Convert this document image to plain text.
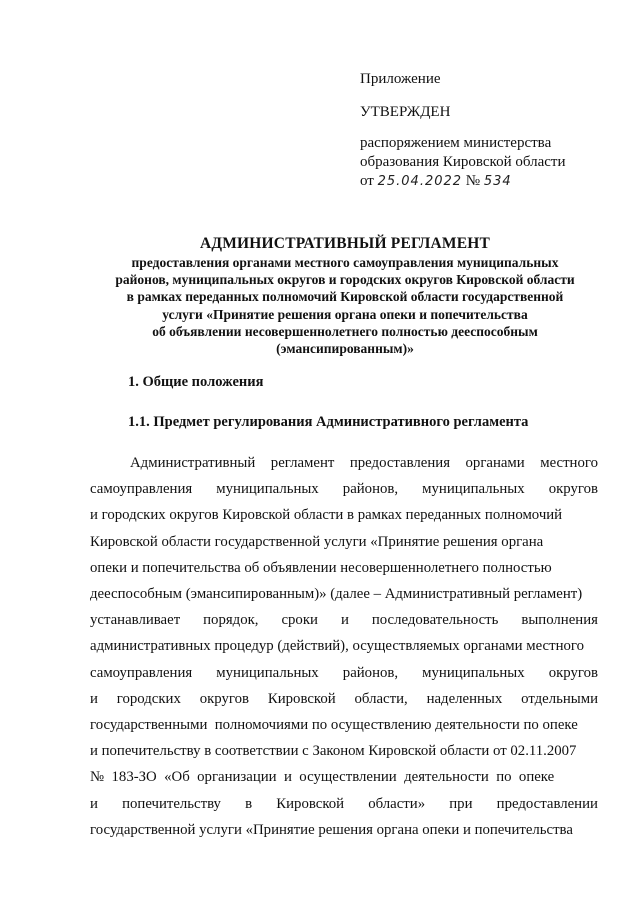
Приложение
УТВЕРЖДЕН
распоряжением министерства
образования Кировской области
от 25.04.2022 № 534
АДМИНИСТРАТИВНЫЙ РЕГЛАМЕНТ
предоставления органами местного самоуправления муниципальных
районов, муниципальных округов и городских округов Кировской области
в рамках переданных полномочий Кировской области государственной
услуги «Принятие решения органа опеки и попечительства
об объявлении несовершеннолетнего полностью дееспособным
(эмансипированным)»
1. Общие положения
1.1. Предмет регулирования Административного регламента
Административный регламент предоставления органами местного
самоуправления муниципальных районов, муниципальных округов
и городских округов Кировской области в рамках переданных полномочий
Кировской области государственной услуги «Принятие решения органа
опеки и попечительства об объявлении несовершеннолетнего полностью
дееспособным (эмансипированным)» (далее – Административный регламент)
устанавливает порядок, сроки и последовательность выполнения
административных процедур (действий), осуществляемых органами местного
самоуправления муниципальных районов, муниципальных округов
и городских округов Кировской области, наделенных отдельными
государственными  полномочиями по осуществлению деятельности по опеке
и попечительству в соответствии с Законом Кировской области от 02.11.2007
№  183-ЗО  «Об  организации  и  осуществлении  деятельности  по  опеке
и попечительству в Кировской области» при предоставлении
государственной услуги «Принятие решения органа опеки и попечительства
